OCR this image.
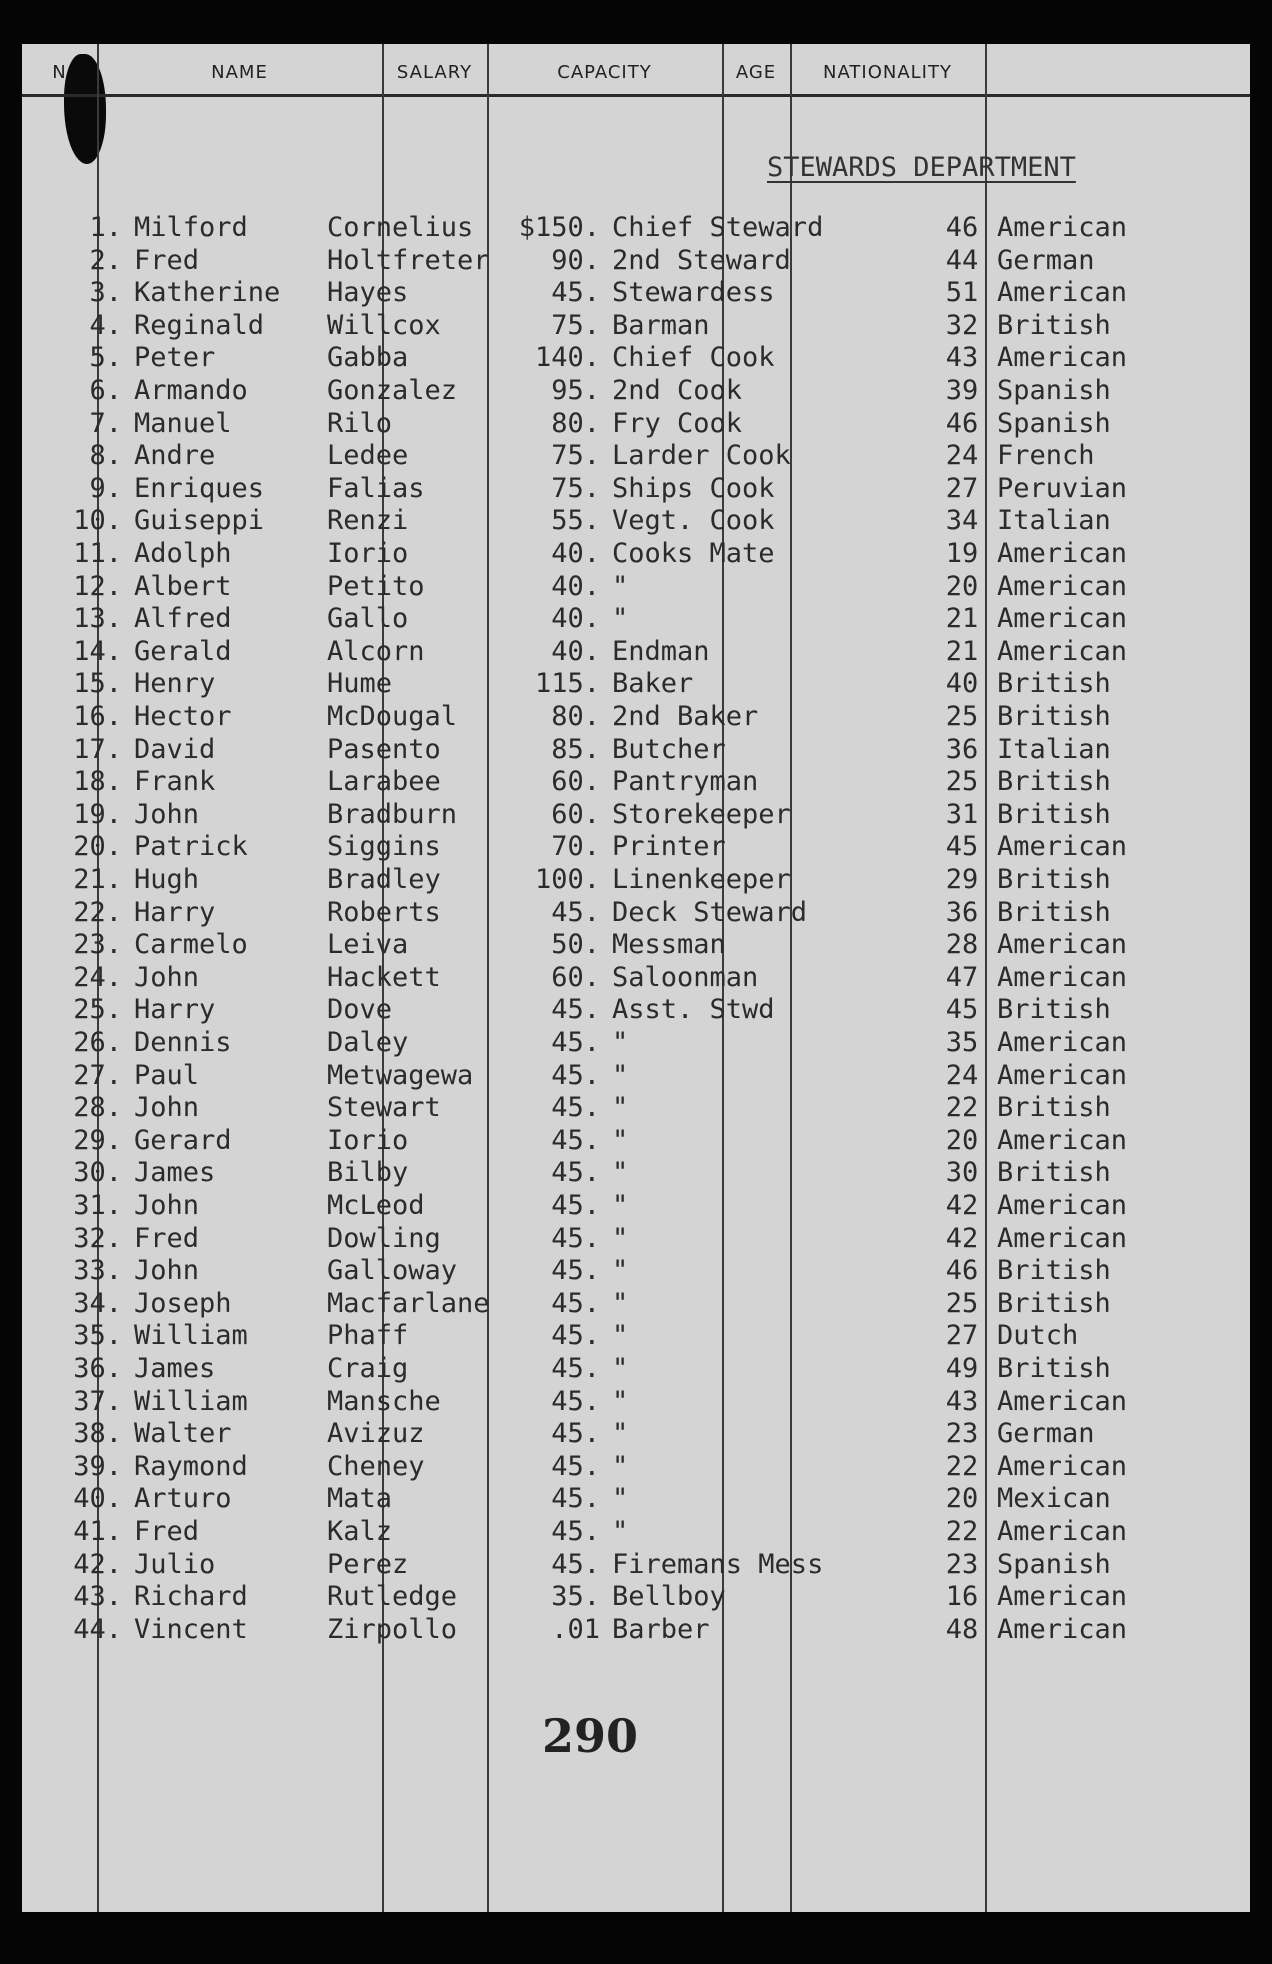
N	NAME	SALARY	CAPACITY	AGE	NATIONALITY
STEWARDS DEPARTMENT
1. Milford	Cornelius	$150. Chief Steward	46 American
2. Fred	Holtfreter	90. 2nd Steward	44 German
3. Katherine Hayes	45. Stewardess	51 American
4. Reginald Willcox	75. Barman	32 British
5. Peter	Gabba	140. Chief Cook	43 American
6. Armando	Gonzalez	95. 2nd Cook	39 Spanish
7. Manuel	Rilo	80. Fry Cook	46 Spanish
8. Andre	Ledee	75. Larder Cook	24 French
9. Enriques Falias	75. Ships Cook	27 Peruvian
10. Guiseppi Renzi	55. Vegt. Cook	34 Italian
11. Adolph	Iorio	40. Cooks Mate	19 American
12. Albert	Petito	40. "	20 American
13. Alfred	Gallo	40. "	21 American
14. Gerald	Alcorn	40. Endman	21 American
15. Henry	Hume	115. Baker	40 British
16. Hector	McDougal	80. 2nd Baker	25 British
17. David	Pasento	85. Butcher	36 Italian
18. Frank	Larabee	60. Pantryman	25 British
19. John	Bradburn	60. Storekeeper	31 British
20. Patrick	Siggins	70. Printer	45 American
21. Hugh	Bradley	100. Linenkeeper	29 British
22. Harry	Roberts	45. Deck Steward	36 British
23. Carmelo	Leiva	50. Messman	28 American
24. John	Hackett	60. Saloonman	47 American
25. Harry	Dove	45. Asst. Stwd	45 British
26. Dennis	Daley	45. "	35 American
27. Paul	Metwagewa	45. "	24 American
28. John	Stewart	45. "	22 British
29. Gerard	Iorio	45. "	20 American
30. James	Bilby	45. "	30 British
31. John	McLeod	45. "	42 American
32. Fred	Dowling	45. "	42 American
33. John	Galloway	45. "	46 British
34. Joseph	Macfarlane	45. "	25 British
35. William	Phaff	45. "	27 Dutch
36. James	Craig	45. "	49 British
37. William	Mansche	45. "	43 American
38. Walter	Avizuz	45. "	23 German
39. Raymond	Cheney	45. "	22 American
40. Arturo	Mata	45. "	20 Mexican
41. Fred	Kalz	45. "	22 American
42. Julio	Perez	45. Firemans Mess	23 Spanish
43. Richard	Rutledge	35. Bellboy	16 American
44. Vincent	Zirpollo	.01 Barber	48 American
290
